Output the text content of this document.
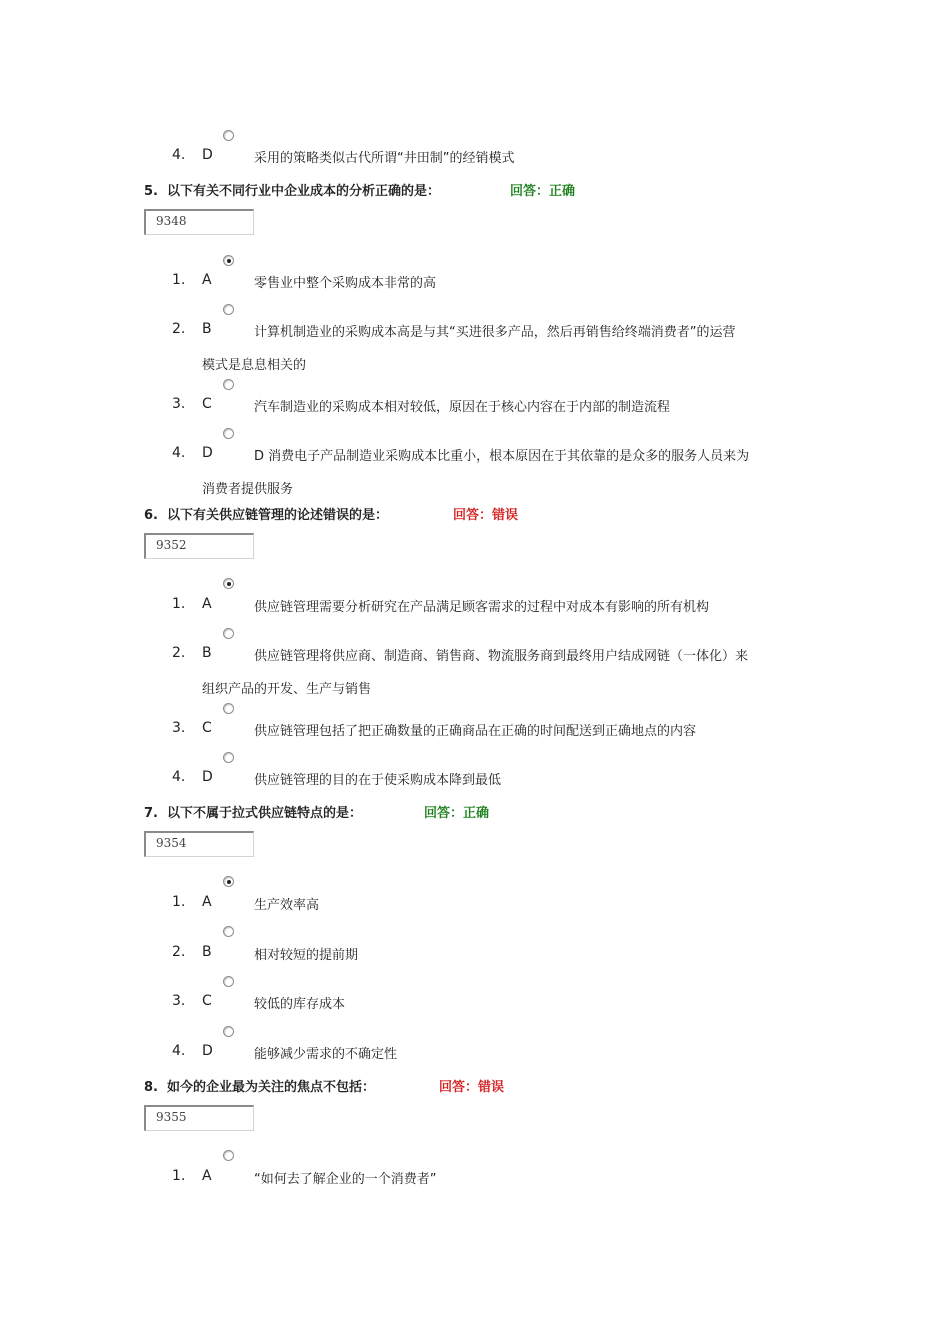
4. D	采用的策略类似古代所谓“井田制”的经销模式
5. 以下有关不同行业中企业成本的分析正确的是：	回答：正确
9348
1. A	零售业中整个采购成本非常的高
2. B	计算机制造业的采购成本高是与其“买进很多产品，然后再销售给终端消费者”的运营
模式是息息相关的
3. C	汽车制造业的采购成本相对较低，原因在于核心内容在于内部的制造流程
4. D	D 消费电子产品制造业采购成本比重小，根本原因在于其依靠的是众多的服务人员来为
消费者提供服务
6. 以下有关供应链管理的论述错误的是：	回答：错误
9352
1. A	供应链管理需要分析研究在产品满足顾客需求的过程中对成本有影响的所有机构
2. B	供应链管理将供应商、制造商、销售商、物流服务商到最终用户结成网链（一体化）来
组织产品的开发、生产与销售
3. C	供应链管理包括了把正确数量的正确商品在正确的时间配送到正确地点的内容
4. D	供应链管理的目的在于使采购成本降到最低
7. 以下不属于拉式供应链特点的是：	回答：正确
9354
1. A	生产效率高
2. B	相对较短的提前期
3. C	较低的库存成本
4. D	能够减少需求的不确定性
8. 如今的企业最为关注的焦点不包括：	回答：错误
9355
1. A	“如何去了解企业的一个消费者”
